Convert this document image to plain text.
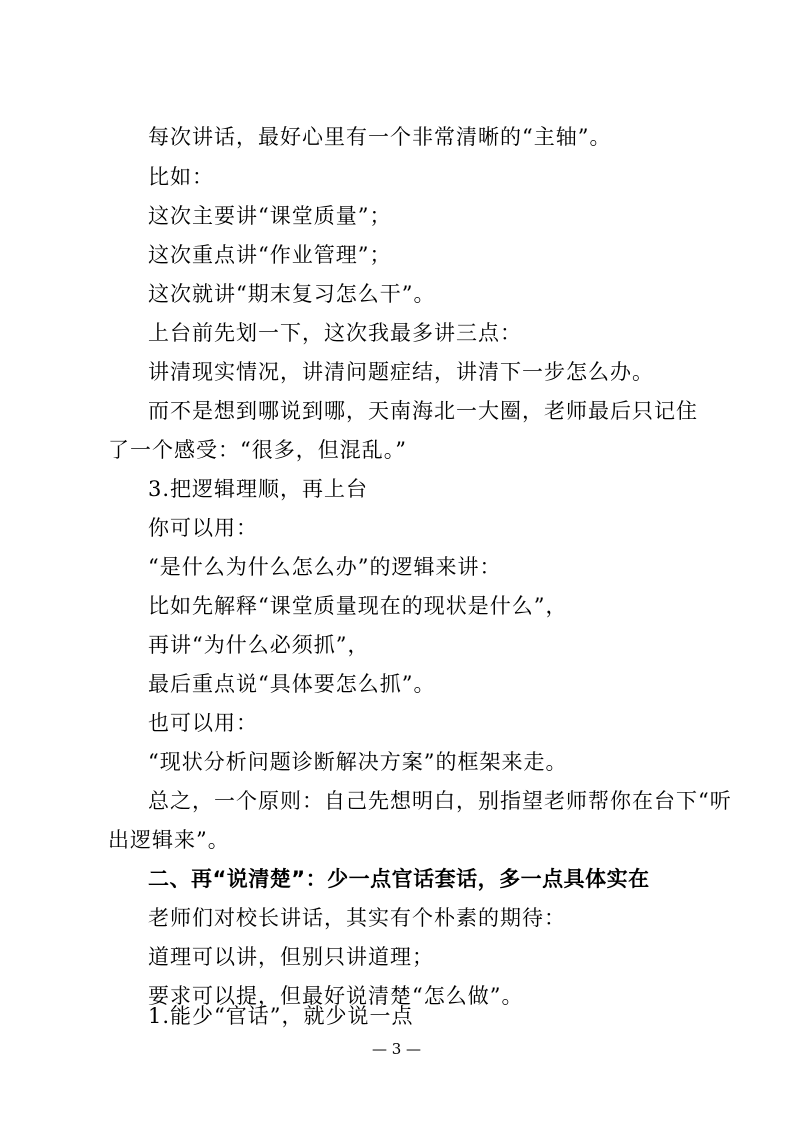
每次讲话，最好心里有一个非常清晰的“主轴”。
比如：
这次主要讲“课堂质量”；
这次重点讲“作业管理”；
这次就讲“期末复习怎么干”。
上台前先划一下，这次我最多讲三点：
讲清现实情况，讲清问题症结，讲清下一步怎么办。
而不是想到哪说到哪，天南海北一大圈，老师最后只记住
了一个感受：“很多，但混乱。”
3.把逻辑理顺，再上台
你可以用：
“是什么为什么怎么办”的逻辑来讲：
比如先解释“课堂质量现在的现状是什么”，
再讲“为什么必须抓”，
最后重点说“具体要怎么抓”。
也可以用：
“现状分析问题诊断解决方案”的框架来走。
总之，一个原则：自己先想明白，别指望老师帮你在台下“听
出逻辑来”。
二、再“说清楚”：少一点官话套话，多一点具体实在
老师们对校长讲话，其实有个朴素的期待：
道理可以讲，但别只讲道理；
要求可以提，但最好说清楚“怎么做”。
1.能少“官话”，就少说一点
— 3 —
